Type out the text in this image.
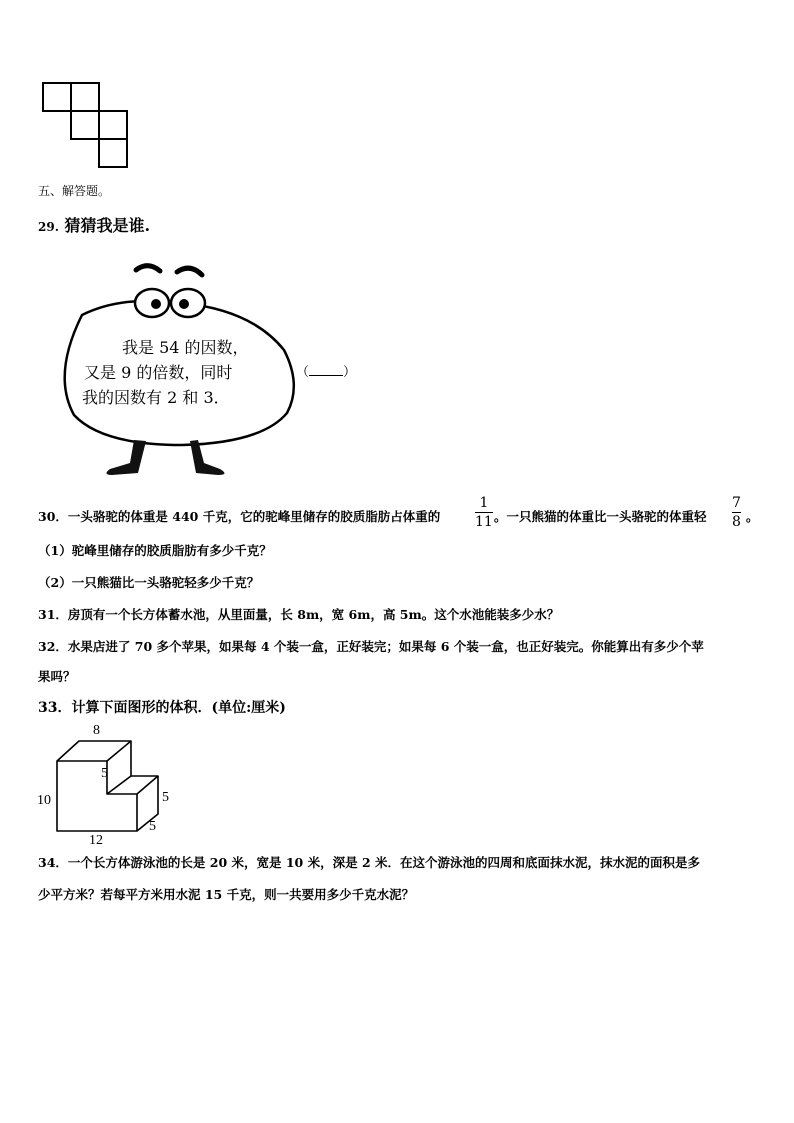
五、解答题。
29. 猜猜我是谁.
我是 54 的因数，
又是 9 的倍数，同时
我的因数有 2 和 3．
（	）
30．一头骆驼的体重是 440 千克，它的驼峰里储存的胶质脂肪占体重的
1
11 。一只熊猫的体重比一头骆驼的体重轻
7
8 。
（1）驼峰里储存的胶质脂肪有多少千克？
（2）一只熊猫比一头骆驼轻多少千克？
31．房顶有一个长方体蓄水池，从里面量，长 8m，宽 6m，高 5m。这个水池能装多少水？
32．水果店进了 70 多个苹果，如果每 4 个装一盒，正好装完；如果每 6 个装一盒，也正好装完。你能算出有多少个苹
果吗？
33．计算下面图形的体积．(单位:厘米)
8
10
5
5
5
12
34．一个长方体游泳池的长是 20 米，宽是 10 米，深是 2 米．在这个游泳池的四周和底面抹水泥，抹水泥的面积是多
少平方米？若每平方米用水泥 15 千克，则一共要用多少千克水泥？
